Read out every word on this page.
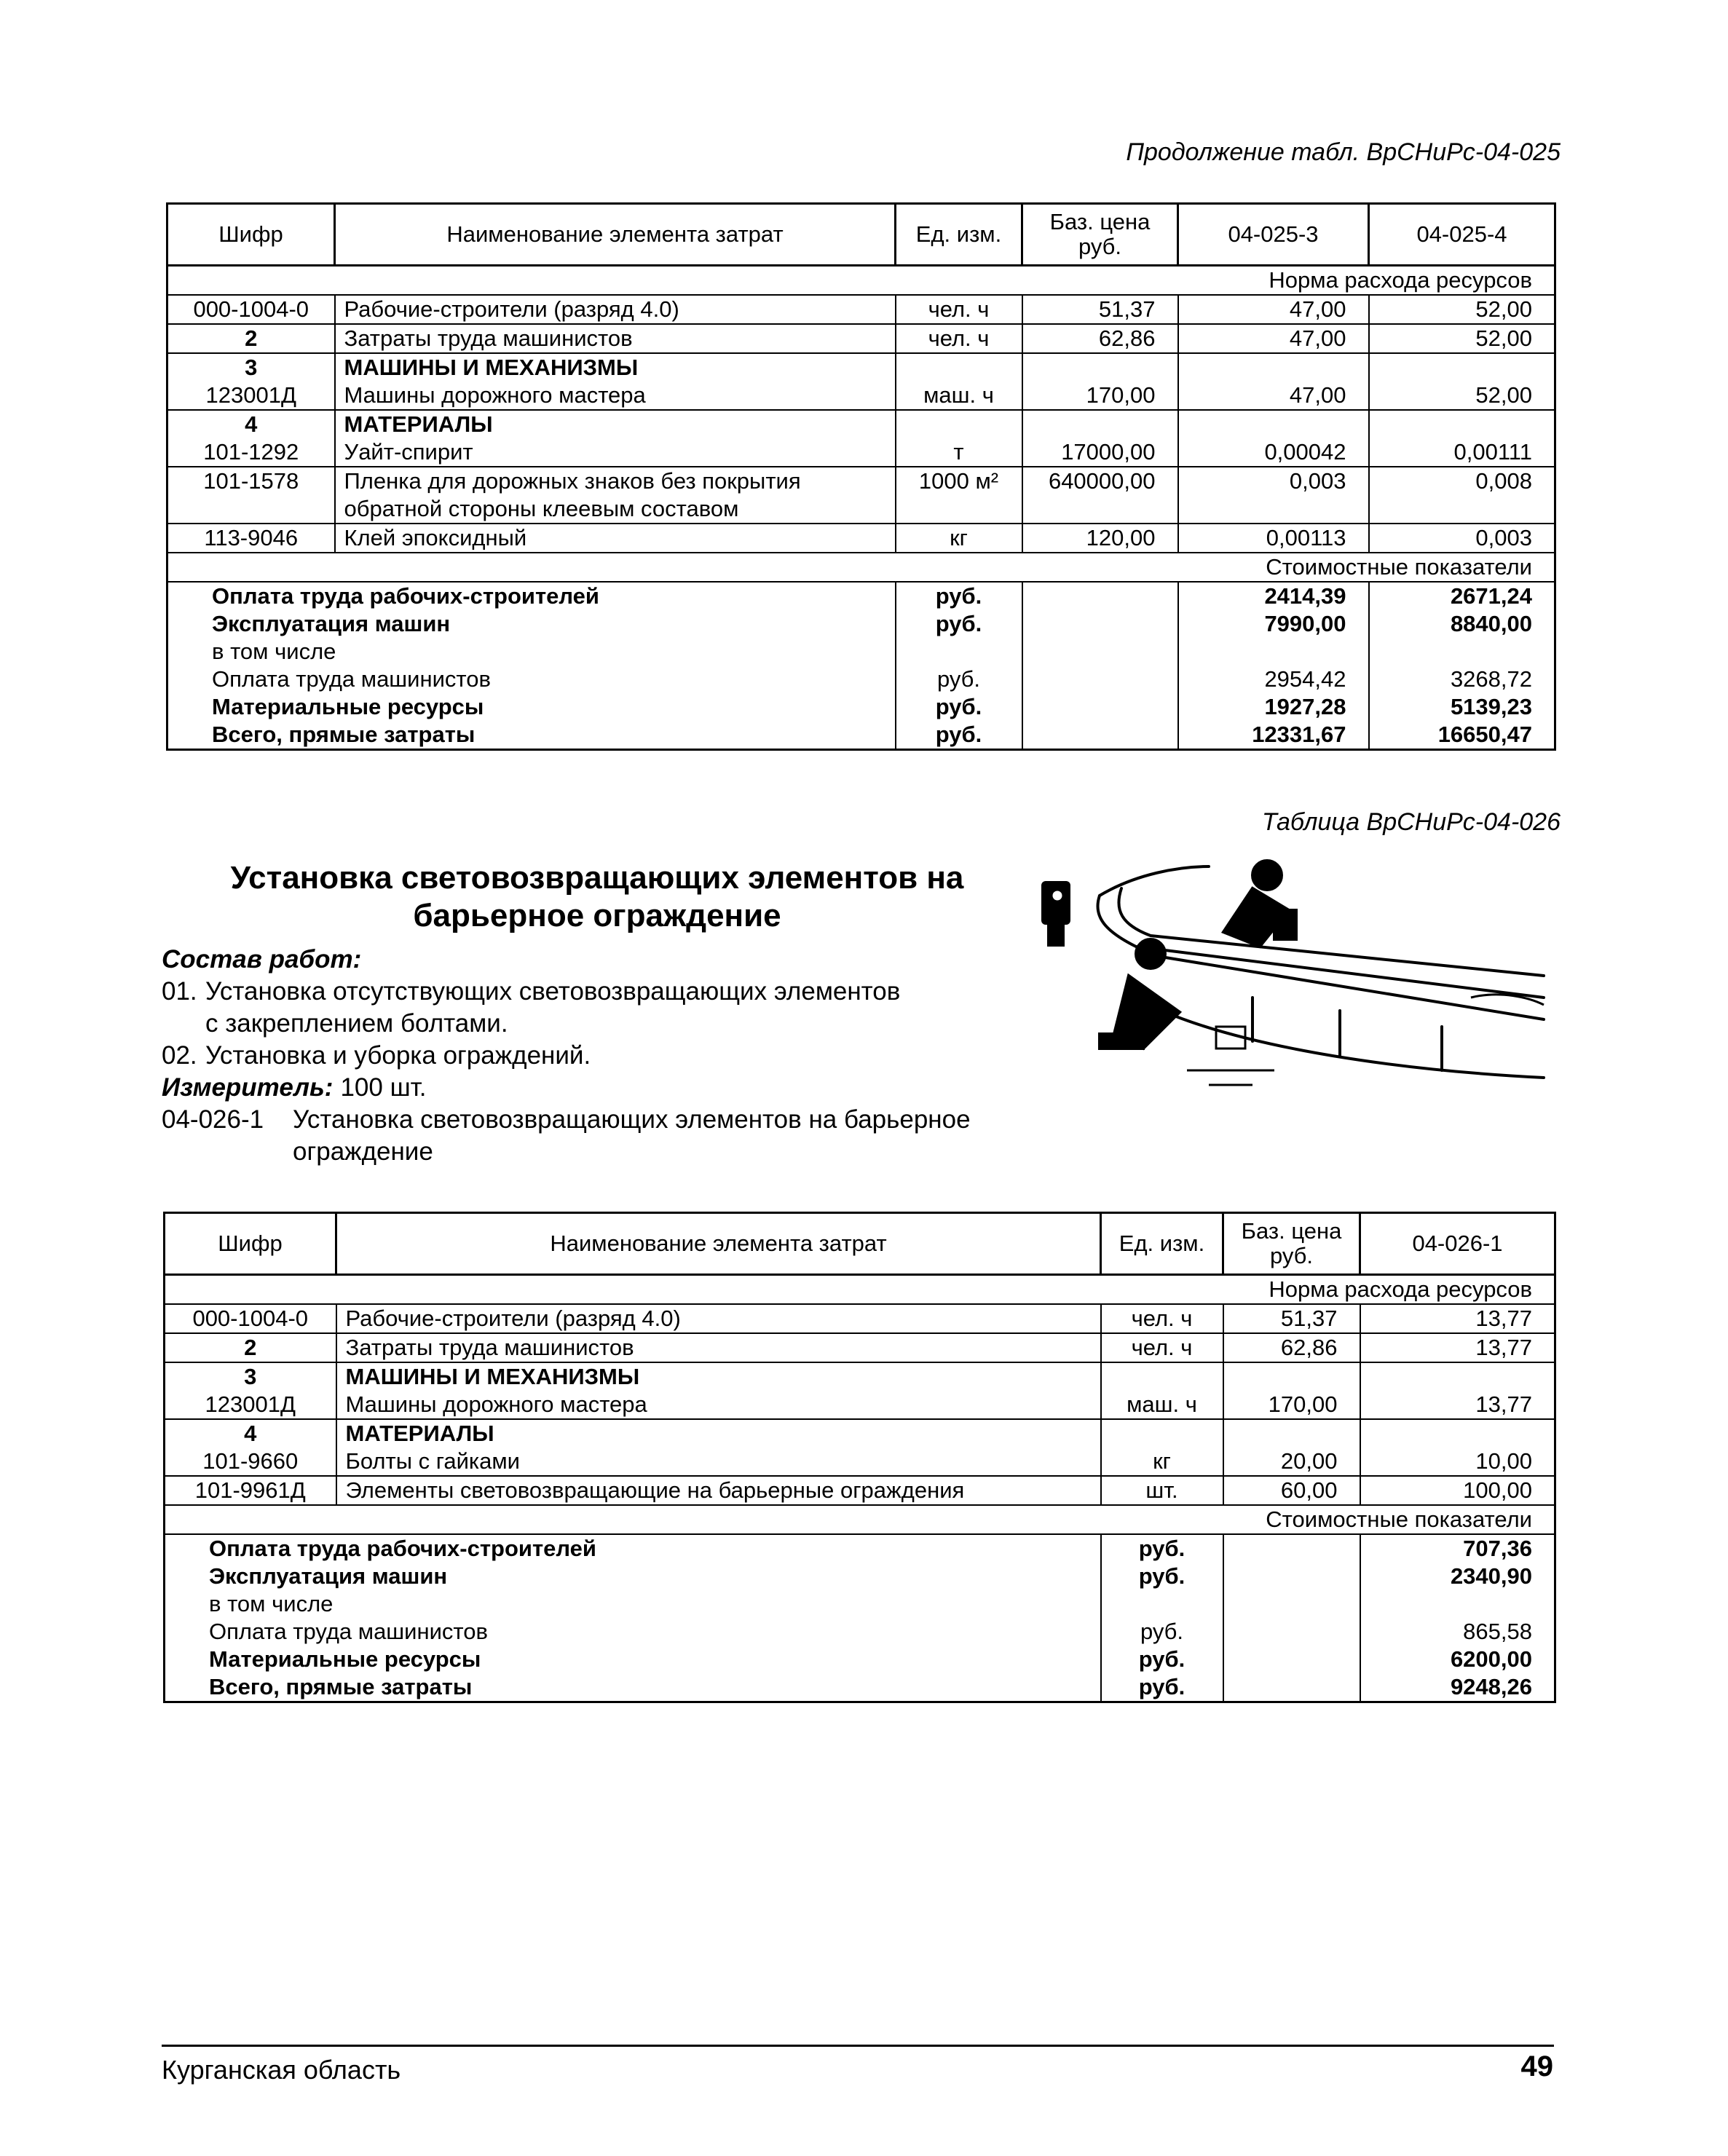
Продолжение табл. ВрСНиРс-04-025
Шифр	Наименование элемента затрат	Ед. изм.	Баз. цена руб.	04-025-3	04-025-4
Норма расхода ресурсов					
000-1004-0	Рабочие-строители (разряд 4.0)	чел. ч	51,37	47,00	52,00
2	Затраты труда машинистов	чел. ч	62,86	47,00	52,00
3	МАШИНЫ И МЕХАНИЗМЫ				
123001Д	Машины дорожного мастера	маш. ч	170,00	47,00	52,00
4	МАТЕРИАЛЫ				
101-1292	Уайт-спирит	т	17000,00	0,00042	0,00111
101-1578	Пленка для дорожных знаков без покрытия	1000 м²	640000,00	0,003	0,008
	обратной стороны клеевым составом				
113-9046	Клей эпоксидный	кг	120,00	0,00113	0,003
Стоимостные показатели					
Оплата труда рабочих-строителей		руб.		2414,39	2671,24
Эксплуатация машин		руб.		7990,00	8840,00
в том числе					
Оплата труда машинистов		руб.		2954,42	3268,72
Материальные ресурсы		руб.		1927,28	5139,23
Всего, прямые затраты		руб.		12331,67	16650,47
Таблица ВрСНиРс-04-026
Установка световозвращающих элементов на барьерное ограждение
Состав работ:
01. Установка отсутствующих световозвращающих элементов
с закреплением болтами.
02. Установка и уборка ограждений.
Измеритель: 100 шт.
04-026-1	Установка световозвращающих элементов на барьерное ограждение
Шифр	Наименование элемента затрат	Ед. изм.	Баз. цена руб.	04-026-1
Норма расхода ресурсов				
000-1004-0	Рабочие-строители (разряд 4.0)	чел. ч	51,37	13,77
2	Затраты труда машинистов	чел. ч	62,86	13,77
3	МАШИНЫ И МЕХАНИЗМЫ			
123001Д	Машины дорожного мастера	маш. ч	170,00	13,77
4	МАТЕРИАЛЫ			
101-9660	Болты с гайками	кг	20,00	10,00
101-9961Д	Элементы световозвращающие на барьерные ограждения	шт.	60,00	100,00
Стоимостные показатели				
Оплата труда рабочих-строителей		руб.		707,36
Эксплуатация машин		руб.		2340,90
в том числе				
Оплата труда машинистов		руб.		865,58
Материальные ресурсы		руб.		6200,00
Всего, прямые затраты		руб.		9248,26
Курганская область	49
